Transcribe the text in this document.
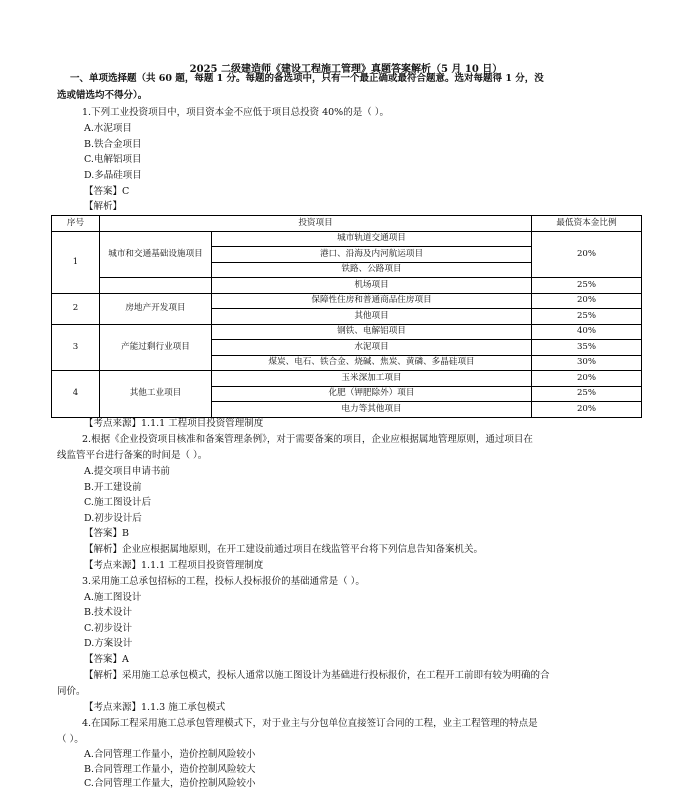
2025 二级建造师《建设工程施工管理》真题答案解析（5 月 10 日）
一、单项选择题（共 60 题，每题 1 分。每题的备选项中，只有一个最正确或最符合题意。选对每题得 1 分，没
选或错选均不得分）。
1.下列工业投资项目中，项目资本金不应低于项目总投资 40%的是（ ）。
A.水泥项目
B.铁合金项目
C.电解铝项目
D.多晶硅项目
【答案】C
【解析】
序号	投资项目		最低资本金比例
1	城市和交通基础设施项目	城市轨道交通项目	20%
		港口、沿海及内河航运项目	
		铁路、公路项目	
		机场项目	25%
2	房地产开发项目	保障性住房和普通商品住房项目	20%
		其他项目	25%
3	产能过剩行业项目	钢铁、电解铝项目	40%
		水泥项目	35%
		煤炭、电石、铁合金、烧碱、焦炭、黄磷、多晶硅项目	30%
4	其他工业项目	玉米深加工项目	20%
		化肥（钾肥除外）项目	25%
		电力等其他项目	20%
【考点来源】1.1.1 工程项目投资管理制度
2.根据《企业投资项目核准和备案管理条例》，对于需要备案的项目，企业应根据属地管理原则，通过项目在
线监管平台进行备案的时间是（ ）。
A.提交项目申请书前
B.开工建设前
C.施工图设计后
D.初步设计后
【答案】B
【解析】企业应根据属地原则，在开工建设前通过项目在线监管平台将下列信息告知备案机关。
【考点来源】1.1.1 工程项目投资管理制度
3.采用施工总承包招标的工程，投标人投标报价的基础通常是（ ）。
A.施工图设计
B.技术设计
C.初步设计
D.方案设计
【答案】A
【解析】采用施工总承包模式，投标人通常以施工图设计为基础进行投标报价，在工程开工前即有较为明确的合
同价。
【考点来源】1.1.3 施工承包模式
4.在国际工程采用施工总承包管理模式下，对于业主与分包单位直接签订合同的工程，业主工程管理的特点是
（ ）。
A.合同管理工作量小，造价控制风险较小
B.合同管理工作量小，造价控制风险较大
C.合同管理工作量大，造价控制风险较小
